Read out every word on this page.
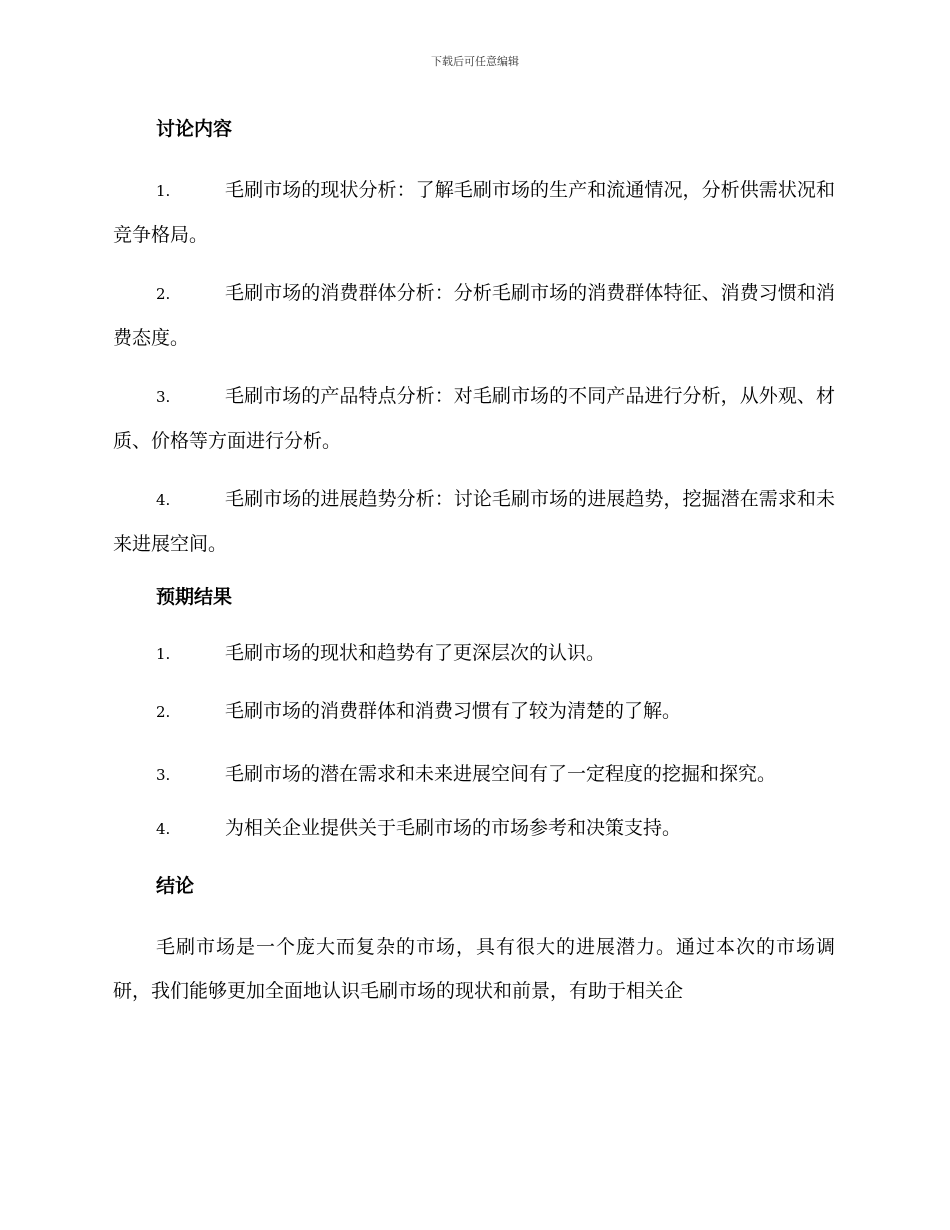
下载后可任意编辑
讨论内容
1.	毛刷市场的现状分析：了解毛刷市场的生产和流通情况，分析供需状况和竞争格局。
2.	毛刷市场的消费群体分析：分析毛刷市场的消费群体特征、消费习惯和消费态度。
3.	毛刷市场的产品特点分析：对毛刷市场的不同产品进行分析，从外观、材质、价格等方面进行分析。
4.	毛刷市场的进展趋势分析：讨论毛刷市场的进展趋势，挖掘潜在需求和未来进展空间。
预期结果
1.	毛刷市场的现状和趋势有了更深层次的认识。
2.	毛刷市场的消费群体和消费习惯有了较为清楚的了解。
3.	毛刷市场的潜在需求和未来进展空间有了一定程度的挖掘和探究。
4.	为相关企业提供关于毛刷市场的市场参考和决策支持。
结论
毛刷市场是一个庞大而复杂的市场，具有很大的进展潜力。通过本次的市场调研，我们能够更加全面地认识毛刷市场的现状和前景，有助于相关企
